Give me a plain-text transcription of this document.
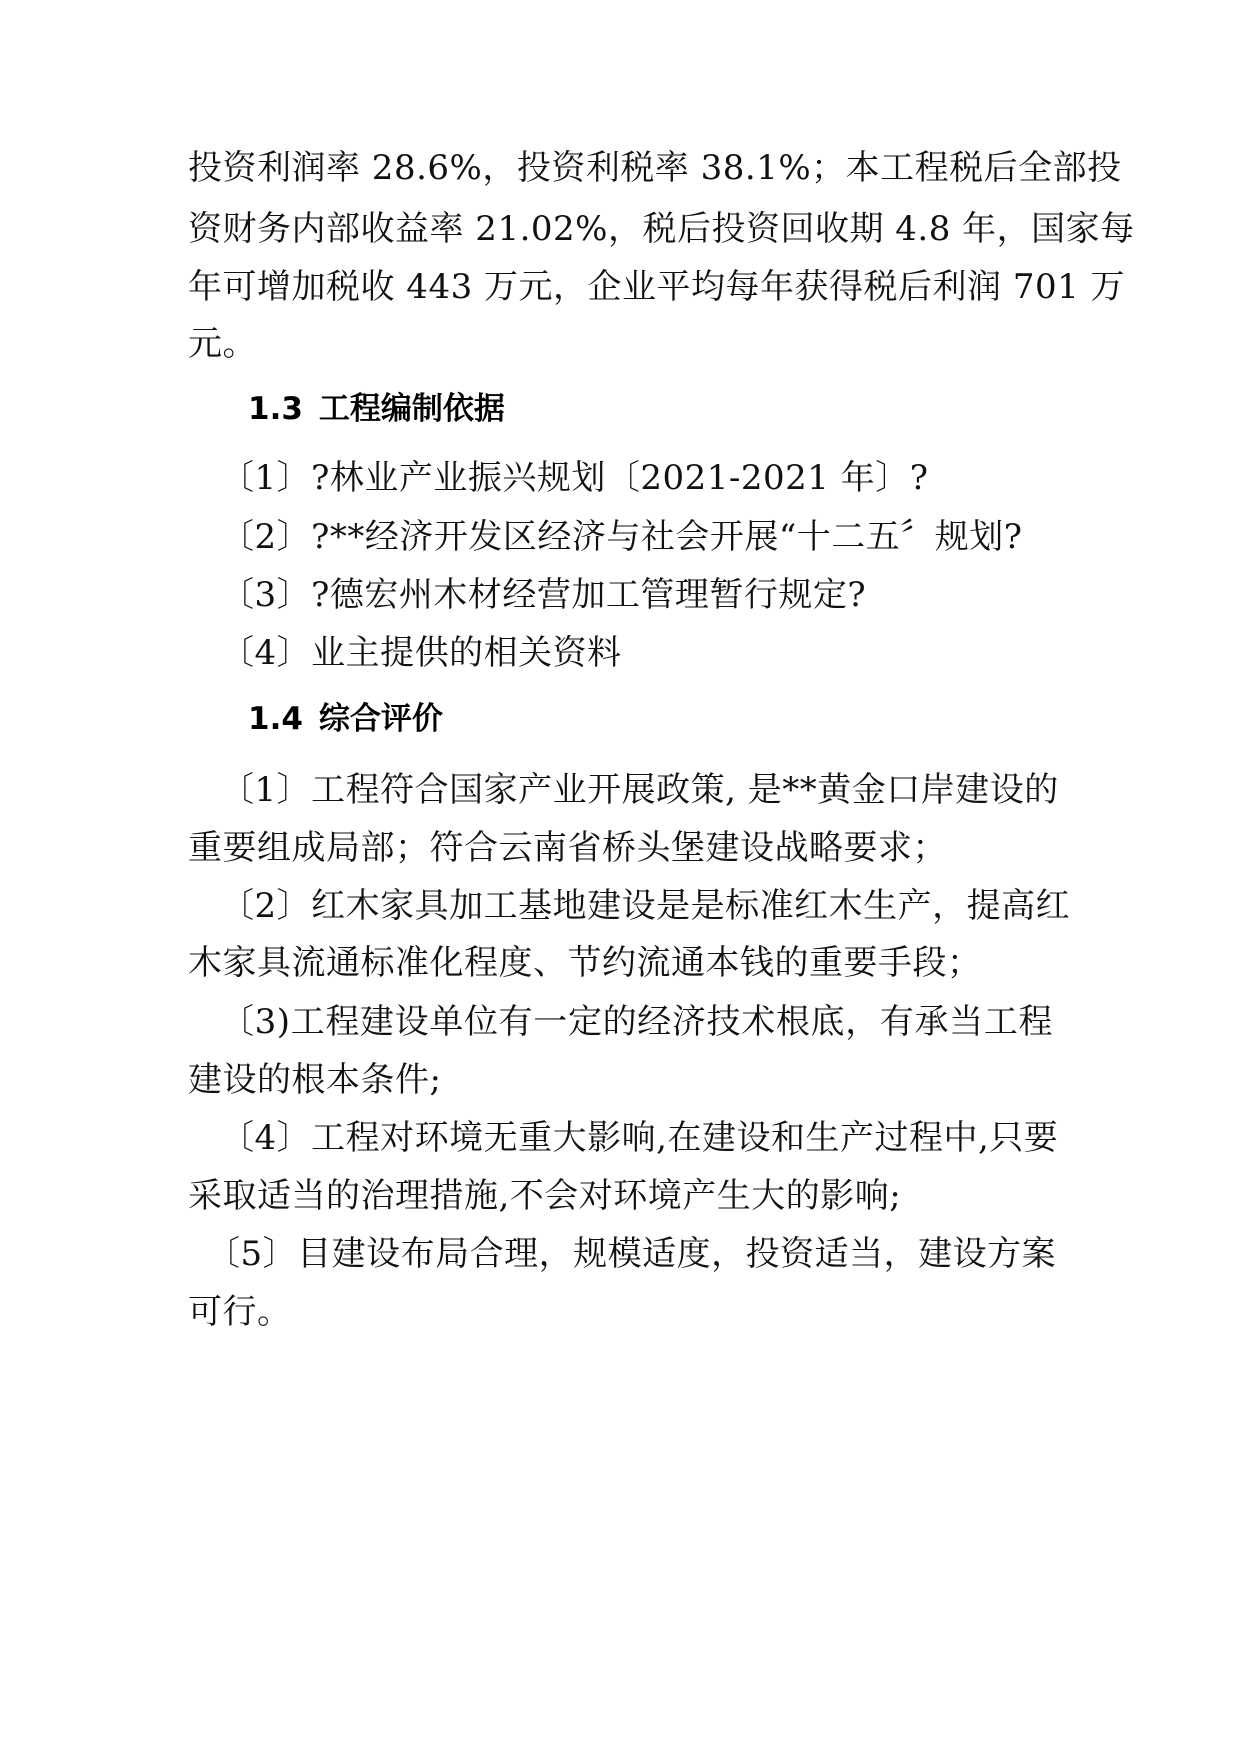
投资利润率 28.6%，投资利税率 38.1%；本工程税后全部投
资财务内部收益率 21.02%，税后投资回收期 4.8 年，国家每
年可增加税收 443 万元，企业平均每年获得税后利润 701 万
元。
1.3 工程编制依据
〔1〕?林业产业振兴规划〔2021-2021 年〕?
〔2〕?**经济开发区经济与社会开展“十二五〞规划?
〔3〕?德宏州木材经营加工管理暂行规定?
〔4〕业主提供的相关资料
1.4 综合评价
〔1〕工程符合国家产业开展政策, 是**黄金口岸建设的
重要组成局部；符合云南省桥头堡建设战略要求；
〔2〕红木家具加工基地建设是是标准红木生产，提高红
木家具流通标准化程度、节约流通本钱的重要手段；
〔3)工程建设单位有一定的经济技术根底，有承当工程
建设的根本条件;
〔4〕工程对环境无重大影响,在建设和生产过程中,只要
采取适当的治理措施,不会对环境产生大的影响;
〔5〕目建设布局合理，规模适度，投资适当，建设方案
可行。
